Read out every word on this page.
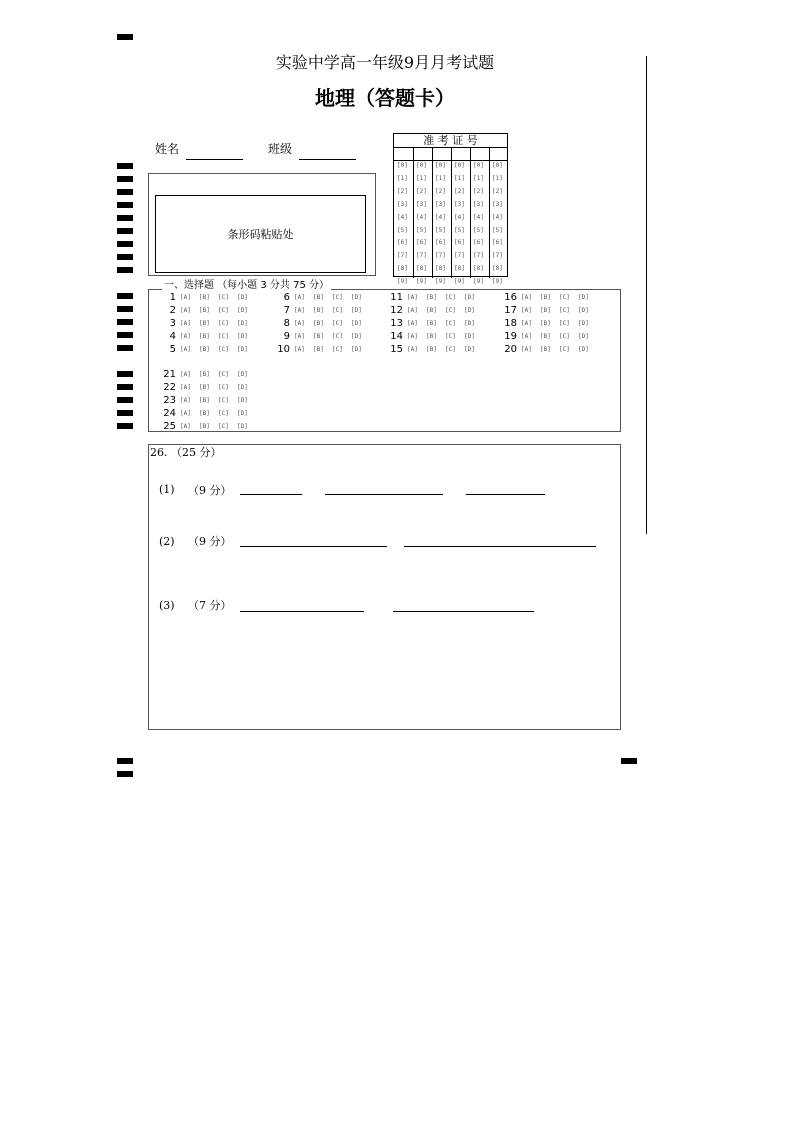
实验中学高一年级9月月考试题
地理（答题卡）
姓名	班级
条形码粘贴处
准 考 证 号
[0] [0] [0] [0] [0] [0]
[1] [1] [1] [1] [1] [1]
[2] [2] [2] [2] [2] [2]
[3] [3] [3] [3] [3] [3]
[4] [4] [4] [4] [4] [4]
[5] [5] [5] [5] [5] [5]
[6] [6] [6] [6] [6] [6]
[7] [7] [7] [7] [7] [7]
[8] [8] [8] [8] [8] [8]
[9] [9] [9] [9] [9] [9]
一、选择题 （每小题 3 分共 75 分）
1 [A]	[B]	[C]	[D]
2 [A]	[B]	[C]	[D]
3 [A]	[B]	[C]	[D]
4 [A]	[B]	[C]	[D]
5 [A]	[B]	[C]	[D]
6 [A]	[B]	[C]	[D]
7 [A]	[B]	[C]	[D]
8 [A]	[B]	[C]	[D]
9 [A]	[B]	[C]	[D]
10 [A]	[B]	[C]	[D]
11 [A]	[B]	[C]	[D]
12 [A]	[B]	[C]	[D]
13 [A]	[B]	[C]	[D]
14 [A]	[B]	[C]	[D]
15 [A]	[B]	[C]	[D]
16 [A]	[B]	[C]	[D]
17 [A]	[B]	[C]	[D]
18 [A]	[B]	[C]	[D]
19 [A]	[B]	[C]	[D]
20 [A]	[B]	[C]	[D]
21 [A]	[B]	[C]	[D]
22 [A]	[B]	[C]	[D]
23 [A]	[B]	[C]	[D]
24 [A]	[B]	[C]	[D]
25 [A]	[B]	[C]	[D]
26. （25 分）
(1) （9 分）
(2) （9 分）
(3) （7 分）
